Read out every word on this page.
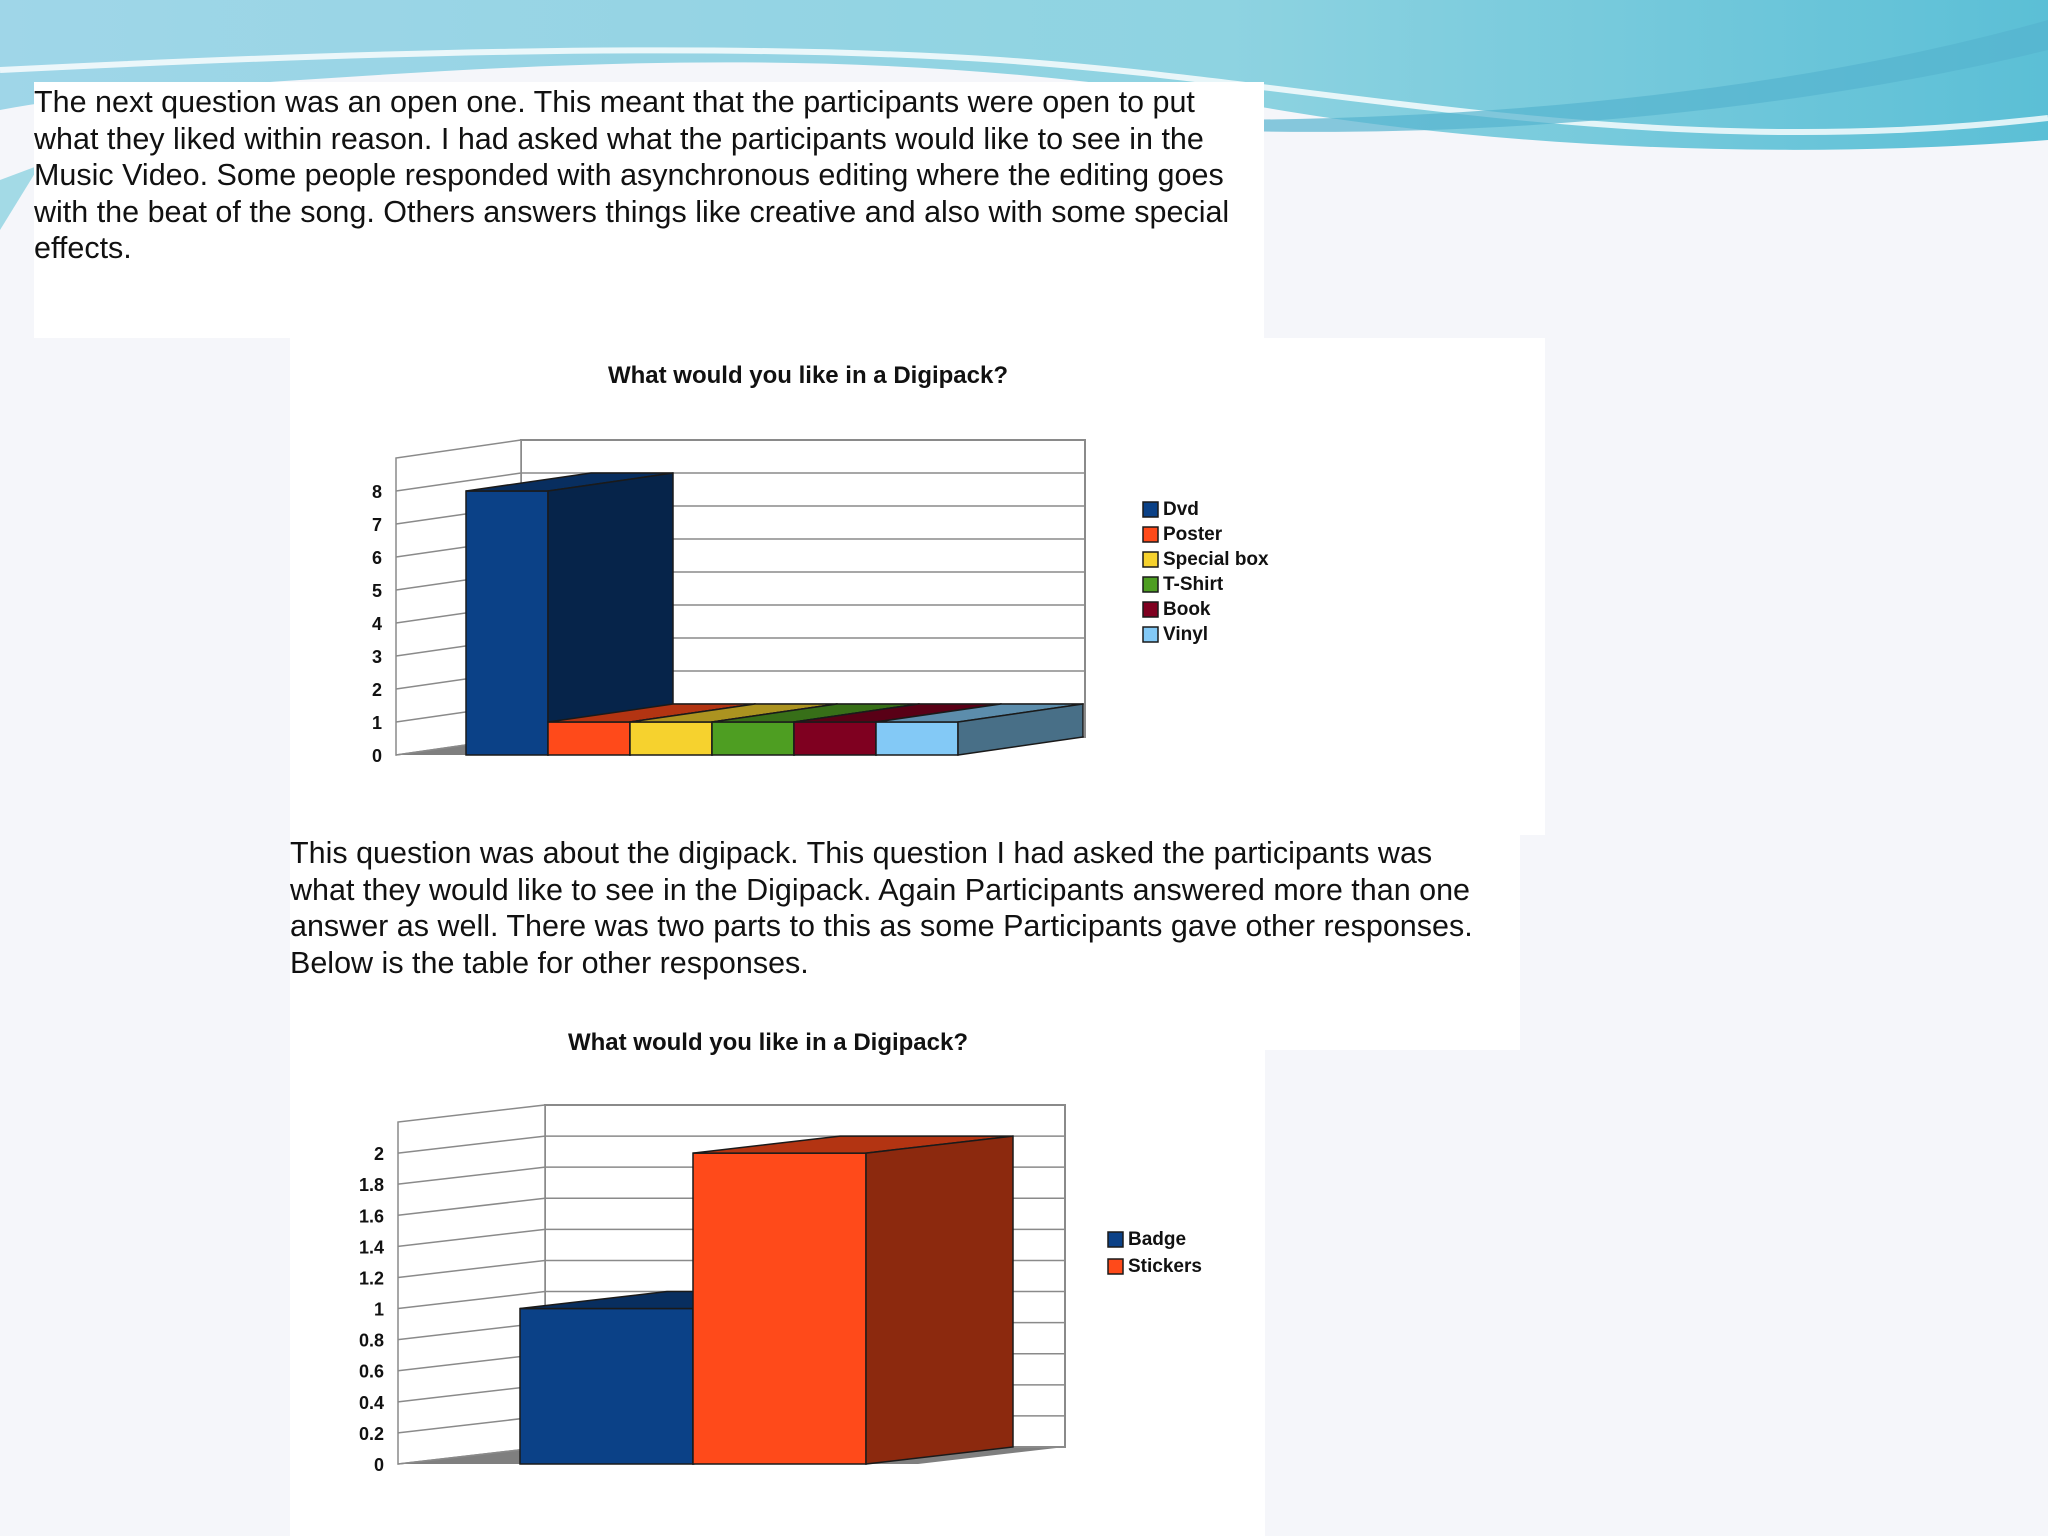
The next question was an open one. This meant that the participants were open to put
what they liked within reason. I had asked what the participants would like to see in the
Music Video. Some people responded with asynchronous editing where the editing goes
with the beat of the song. Others answers things like creative and also with some special
effects.
This question was about the digipack. This question I had asked the participants was
what they would like to see in the Digipack. Again Participants answered more than one
answer as well. There was two parts to this as some Participants gave other responses.
Below is the table for other responses.
What would you like in a Digipack?
0
1
2
3
4
5
6
7
8
Dvd
Poster
Special box
T-Shirt
Book
Vinyl
What would you like in a Digipack?
0
0.2
0.4
0.6
0.8
1
1.2
1.4
1.6
1.8
2
Badge
Stickers
